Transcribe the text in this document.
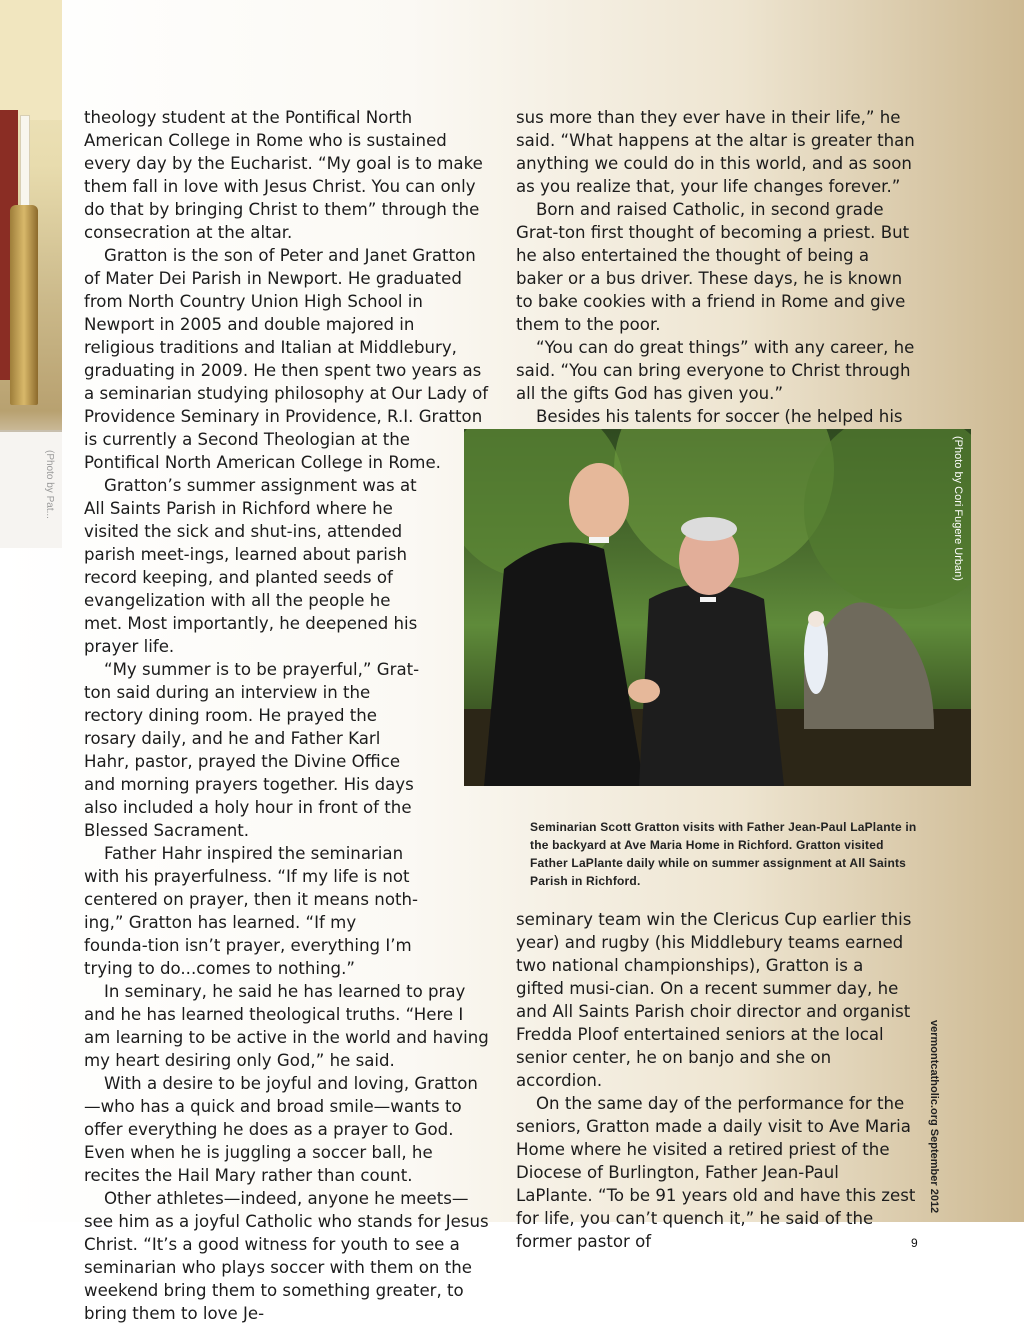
(Photo by Pat...

theology student at the Pontifical North American College in Rome who is sustained every day by the Eucharist. “My goal is to make them fall in love with Jesus Christ. You can only do that by bringing Christ to them” through the consecration at the altar.

Gratton is the son of Peter and Janet Gratton of Mater Dei Parish in Newport. He graduated from North Country Union High School in Newport in 2005 and double majored in religious traditions and Italian at Middlebury, graduating in 2009. He then spent two years as a seminarian studying philosophy at Our Lady of Providence Seminary in Providence, R.I. Gratton is currently a Second Theologian at the Pontifical North American College in Rome.

Gratton’s summer assignment was at All Saints Parish in Richford where he visited the sick and shut-ins, attended parish meet-ings, learned about parish record keeping, and planted seeds of evangelization with all the people he met. Most importantly, he deepened his prayer life.

“My summer is to be prayerful,” Grat-ton said during an interview in the rectory dining room. He prayed the rosary daily, and he and Father Karl Hahr, pastor, prayed the Divine Office and morning prayers together. His days also included a holy hour in front of the Blessed Sacrament.

Father Hahr inspired the seminarian with his prayerfulness. “If my life is not centered on prayer, then it means noth-ing,” Gratton has learned. “If my founda-tion isn’t prayer, everything I’m trying to do...comes to nothing.”

In seminary, he said he has learned to pray and he has learned theological truths. “Here I am learning to be active in the world and having my heart desiring only God,” he said.

With a desire to be joyful and loving, Gratton—who has a quick and broad smile—wants to offer everything he does as a prayer to God. Even when he is juggling a soccer ball, he recites the Hail Mary rather than count.

Other athletes—indeed, anyone he meets—see him as a joyful Catholic who stands for Jesus Christ. “It’s a good witness for youth to see a seminarian who plays soccer with them on the weekend bring them to something greater, to bring them to love Je-

sus more than they ever have in their life,” he said. “What happens at the altar is greater than anything we could do in this world, and as soon as you realize that, your life changes forever.”

Born and raised Catholic, in second grade Grat-ton first thought of becoming a priest. But he also entertained the thought of being a baker or a bus driver. These days, he is known to bake cookies with a friend in Rome and give them to the poor.

“You can do great things” with any career, he said. “You can bring everyone to Christ through all the gifts God has given you.”

Besides his talents for soccer (he helped his

(Photo by Cori Fugere Urban)
Seminarian Scott Gratton visits with Father Jean-Paul LaPlante in the backyard at Ave Maria Home in Richford. Gratton visited Father LaPlante daily while on summer assignment at All Saints Parish in Richford.

seminary team win the Clericus Cup earlier this year) and rugby (his Middlebury teams earned two national championships), Gratton is a gifted musi-cian. On a recent summer day, he and All Saints Parish choir director and organist Fredda Ploof entertained seniors at the local senior center, he on banjo and she on accordion.

On the same day of the performance for the seniors, Gratton made a daily visit to Ave Maria Home where he visited a retired priest of the Diocese of Burlington, Father Jean-Paul LaPlante. “To be 91 years old and have this zest for life, you can’t quench it,” he said of the former pastor of

vermontcatholic.org September 2012
9
